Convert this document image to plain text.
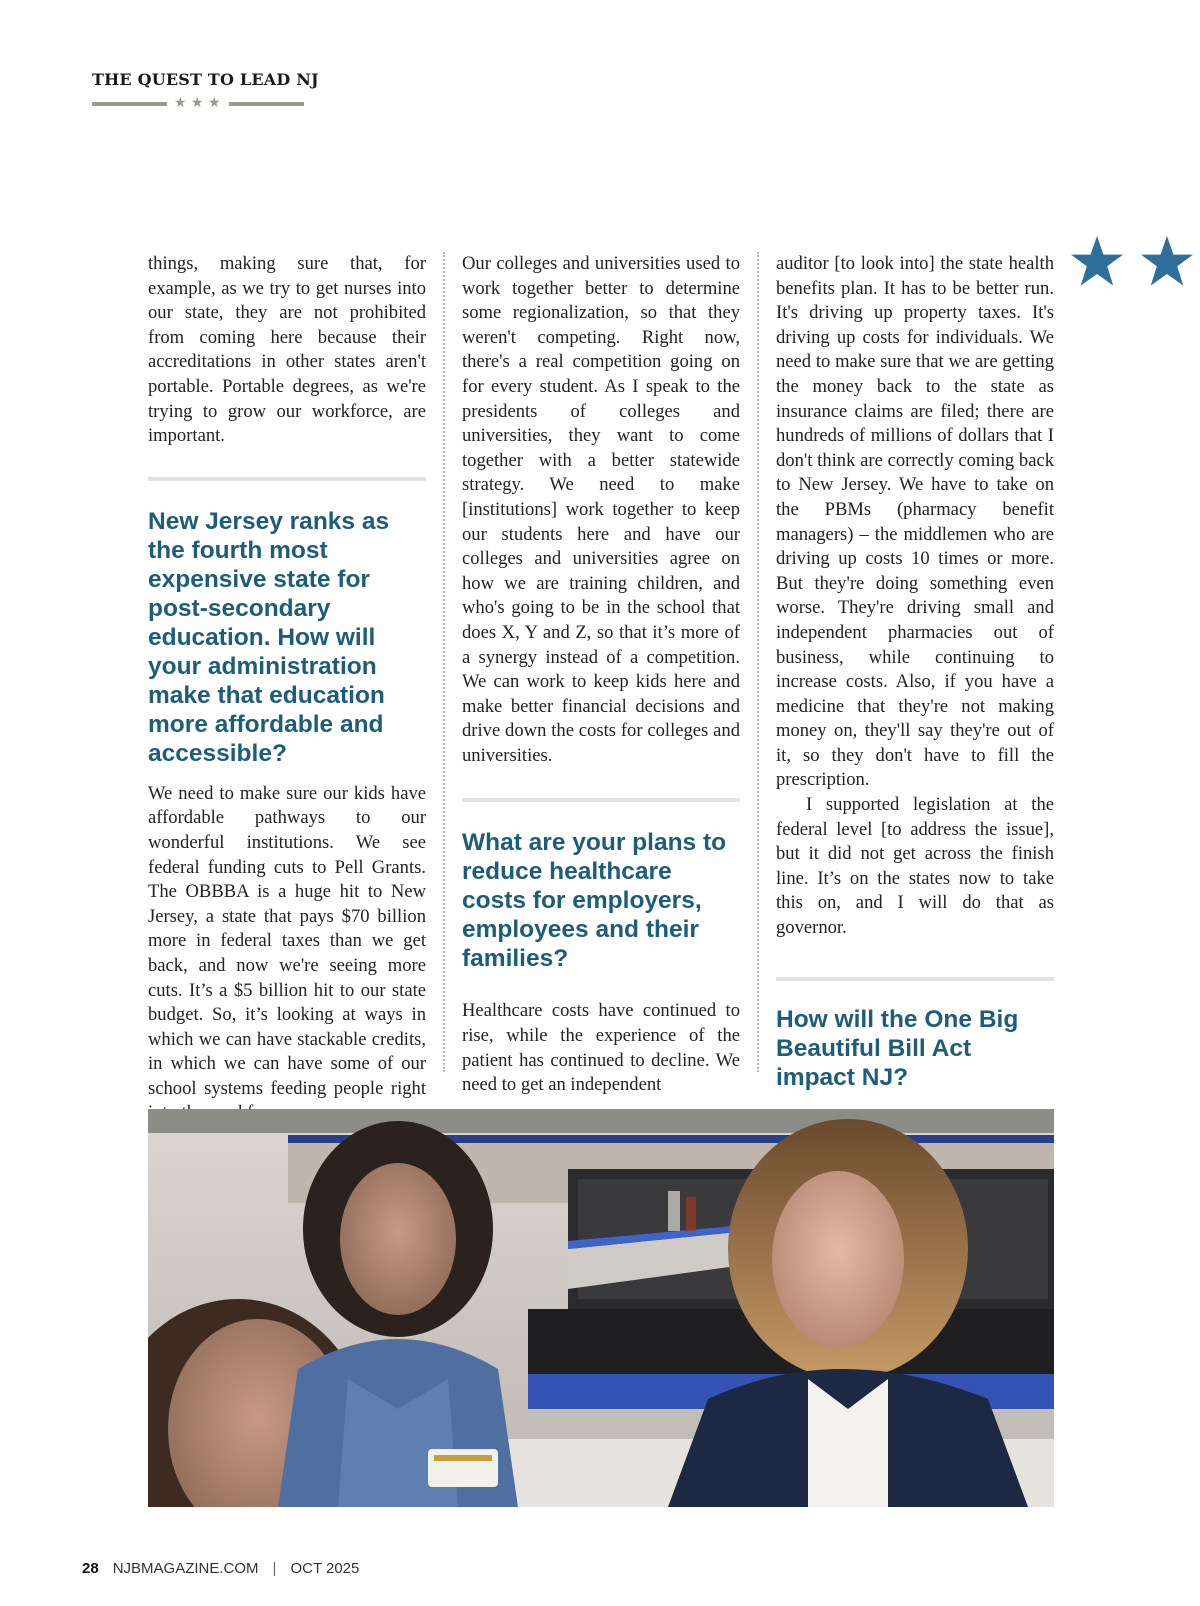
THE QUEST TO LEAD NJ
★ ★ ★

things, making sure that, for example, as we try to get nurses into our state, they are not prohibited from coming here because their accreditations in other states aren't portable. Portable degrees, as we're trying to grow our workforce, are important.

New Jersey ranks as the fourth most expensive state for post-secondary education. How will your administration make that education more affordable and accessible?

We need to make sure our kids have affordable pathways to our wonderful institutions. We see federal funding cuts to Pell Grants. The OBBBA is a huge hit to New Jersey, a state that pays $70 billion more in federal taxes than we get back, and now we're seeing more cuts. It’s a $5 billion hit to our state budget. So, it’s looking at ways in which we can have stackable credits, in which we can have some of our school systems feeding people right

Our colleges and universities used to work together better to determine some regionalization, so that they weren't competing. Right now, there's a real competition going on for every student. As I speak to the presidents of colleges and universities, they want to come together with a better statewide strategy. We need to make [institutions] work together to keep our students here and have our colleges and universities agree on how we are training children, and who's going to be in the school that does X, Y and Z, so that it’s more of a synergy instead of a competition. We can work to keep kids here and make better financial decisions and drive down the costs for colleges and universities.

What are your plans to reduce healthcare costs for employers, employees and their families?

Healthcare costs have continued to rise, while the experience of the patient has continued to decline. We need to get an independent

auditor [to look into] the state health benefits plan. It has to be better run. It's driving up property taxes. It's driving up costs for individuals. We need to make sure that we are getting the money back to the state as insurance claims are filed; there are hundreds of millions of dollars that I don't think are correctly coming back to New Jersey. We have to take on the PBMs (pharmacy benefit managers) – the middlemen who are driving up costs 10 times or more. But they're doing something even worse. They're driving small and independent pharmacies out of business, while continuing to increase costs. Also, if you have a medicine that they're not making money on, they'll say they're out of it, so they don't have to fill the prescription.

I supported legislation at the federal level [to address the issue], but it did not get across the finish line. It’s on the states now to take this on, and I will do that as governor.

How will the One Big Beautiful Bill Act impact NJ?
28 NJBMAGAZINE.COM | OCT 2025
